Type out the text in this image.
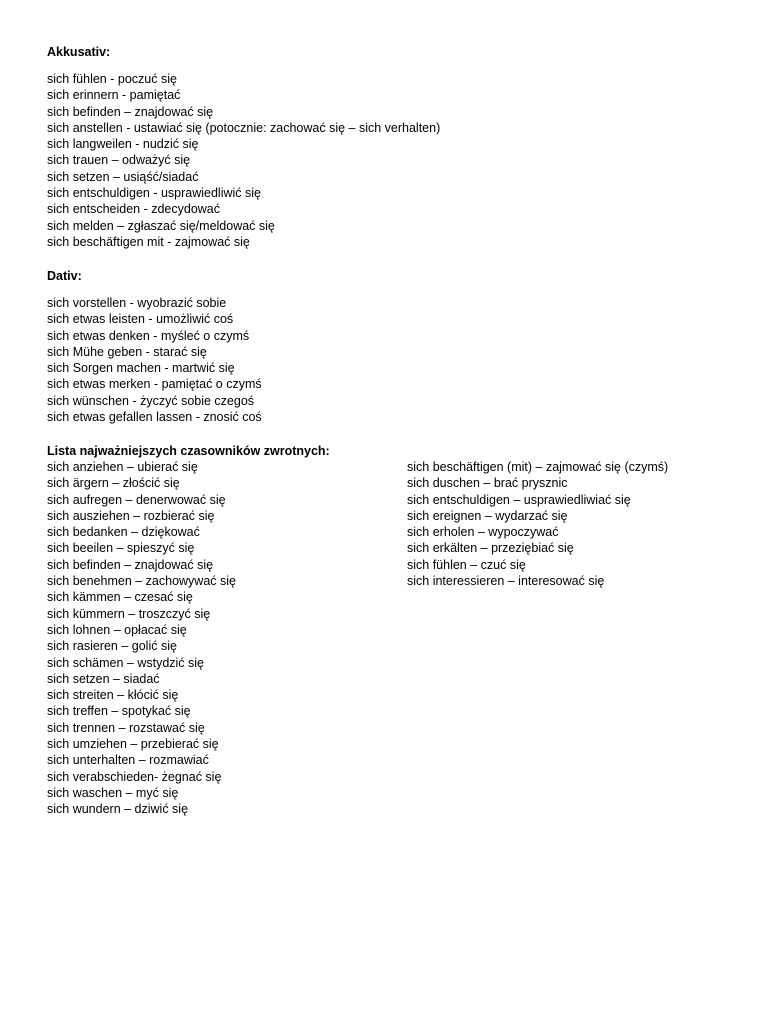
Akkusativ:
sich fühlen - poczuć się
sich erinnern - pamiętać
sich befinden – znajdować się
sich anstellen - ustawiać się (potocznie: zachować się – sich verhalten)
sich langweilen - nudzić się
sich trauen – odważyć się
sich setzen – usiąść/siadać
sich entschuldigen - usprawiedliwić się
sich entscheiden - zdecydować
sich melden – zgłaszać się/meldować się
sich beschäftigen mit - zajmować się
Dativ:
sich vorstellen - wyobrazić sobie
sich etwas leisten - umożliwić coś
sich etwas denken - myśleć o czymś
sich Mühe geben - starać się
sich Sorgen machen - martwić się
sich etwas merken - pamiętać o czymś
sich wünschen - życzyć sobie czegoś
sich etwas gefallen lassen - znosić coś
Lista najważniejszych czasowników zwrotnych:
sich anziehen – ubierać się
sich ärgern – złościć się
sich aufregen – denerwować się
sich ausziehen – rozbierać się
sich bedanken – dziękować
sich beeilen – spieszyć się
sich befinden – znajdować się
sich benehmen – zachowywać się
sich kämmen – czesać się
sich kümmern – troszczyć się
sich lohnen – opłacać się
sich rasieren – golić się
sich schämen – wstydzić się
sich setzen – siadać
sich streiten – kłócić się
sich treffen – spotykać się
sich trennen – rozstawać się
sich umziehen – przebierać się
sich unterhalten – rozmawiać
sich verabschieden- żegnać się
sich waschen – myć się
sich wundern – dziwić się
sich beschäftigen (mit) – zajmować się (czymś)
sich duschen – brać prysznic
sich entschuldigen – usprawiedliwiać się
sich ereignen – wydarzać się
sich erholen – wypoczywać
sich erkälten – przeziębiać się
sich fühlen – czuć się
sich interessieren – interesować się
